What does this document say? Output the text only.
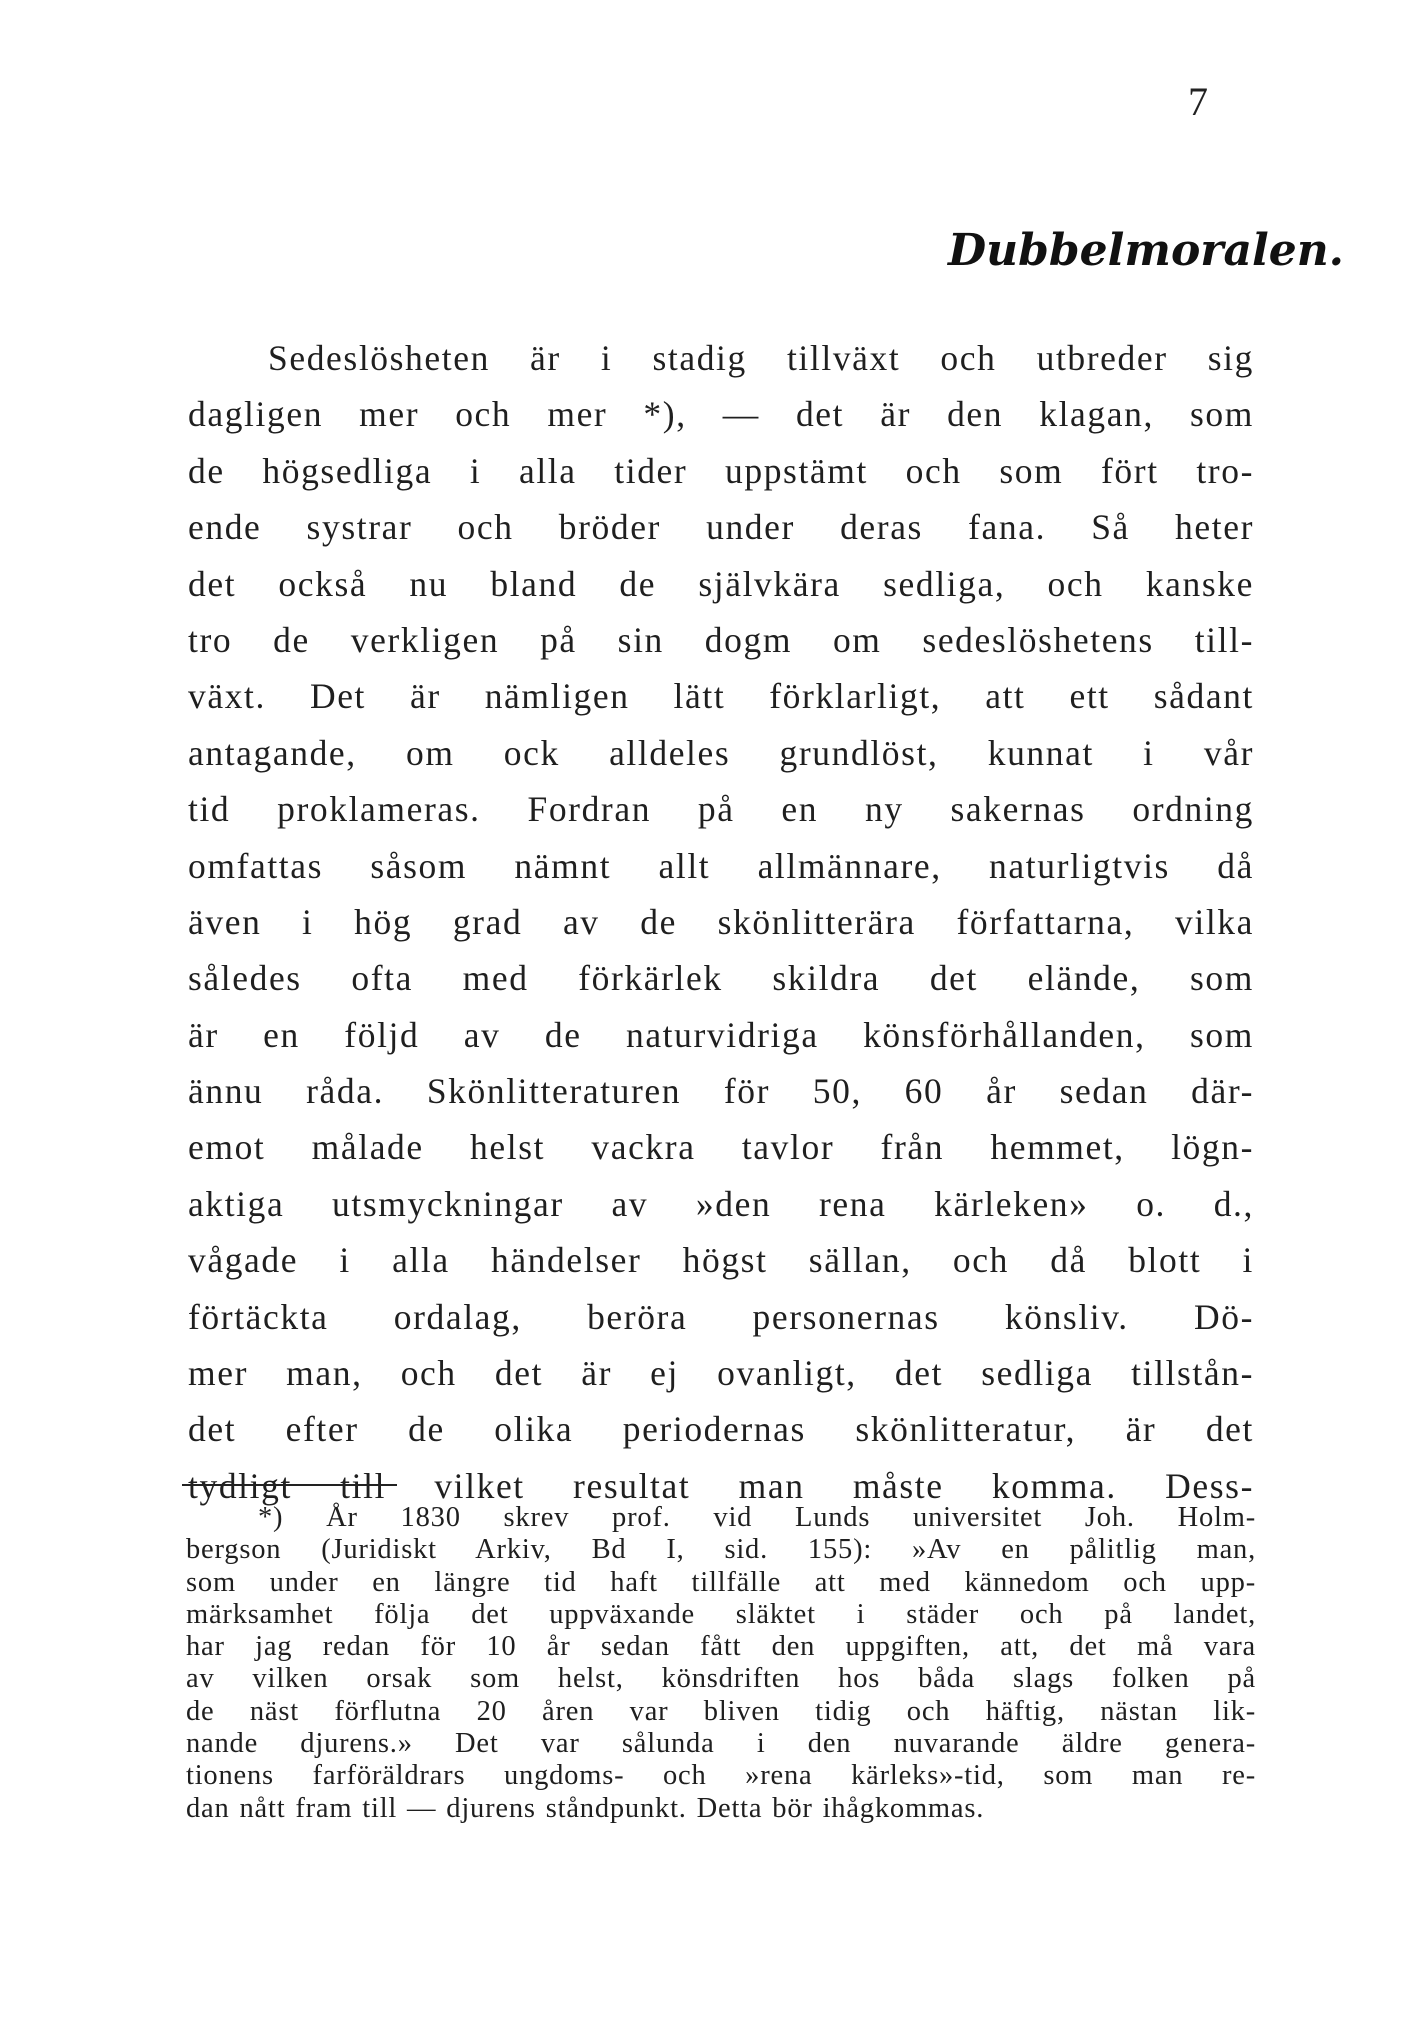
7
Dubbelmoralen.
Sedeslösheten är i stadig tillväxt och utbreder sig
dagligen mer och mer *), — det är den klagan, som
de högsedliga i alla tider uppstämt och som fört tro-
ende systrar och bröder under deras fana. Så heter
det också nu bland de självkära sedliga, och kanske
tro de verkligen på sin dogm om sedeslöshetens till-
växt. Det är nämligen lätt förklarligt, att ett sådant
antagande, om ock alldeles grundlöst, kunnat i vår
tid proklameras. Fordran på en ny sakernas ordning
omfattas såsom nämnt allt allmännare, naturligtvis då
även i hög grad av de skönlitterära författarna, vilka
således ofta med förkärlek skildra det elände, som
är en följd av de naturvidriga könsförhållanden, som
ännu råda. Skönlitteraturen för 50, 60 år sedan där-
emot målade helst vackra tavlor från hemmet, lögn-
aktiga utsmyckningar av »den rena kärleken» o. d.,
vågade i alla händelser högst sällan, och då blott i
förtäckta ordalag, beröra personernas könsliv. Dö-
mer man, och det är ej ovanligt, det sedliga tillstån-
det efter de olika periodernas skönlitteratur, är det
tydligt till vilket resultat man måste komma. Dess-
*) År 1830 skrev prof. vid Lunds universitet Joh. Holm-
bergson (Juridiskt Arkiv, Bd I, sid. 155): »Av en pålitlig man,
som under en längre tid haft tillfälle att med kännedom och upp-
märksamhet följa det uppväxande släktet i städer och på landet,
har jag redan för 10 år sedan fått den uppgiften, att, det må vara
av vilken orsak som helst, könsdriften hos båda slags folken på
de näst förflutna 20 åren var bliven tidig och häftig, nästan lik-
nande djurens.» Det var sålunda i den nuvarande äldre genera-
tionens farföräldrars ungdoms- och »rena kärleks»-tid, som man re-
dan nått fram till — djurens ståndpunkt. Detta bör ihågkommas.
